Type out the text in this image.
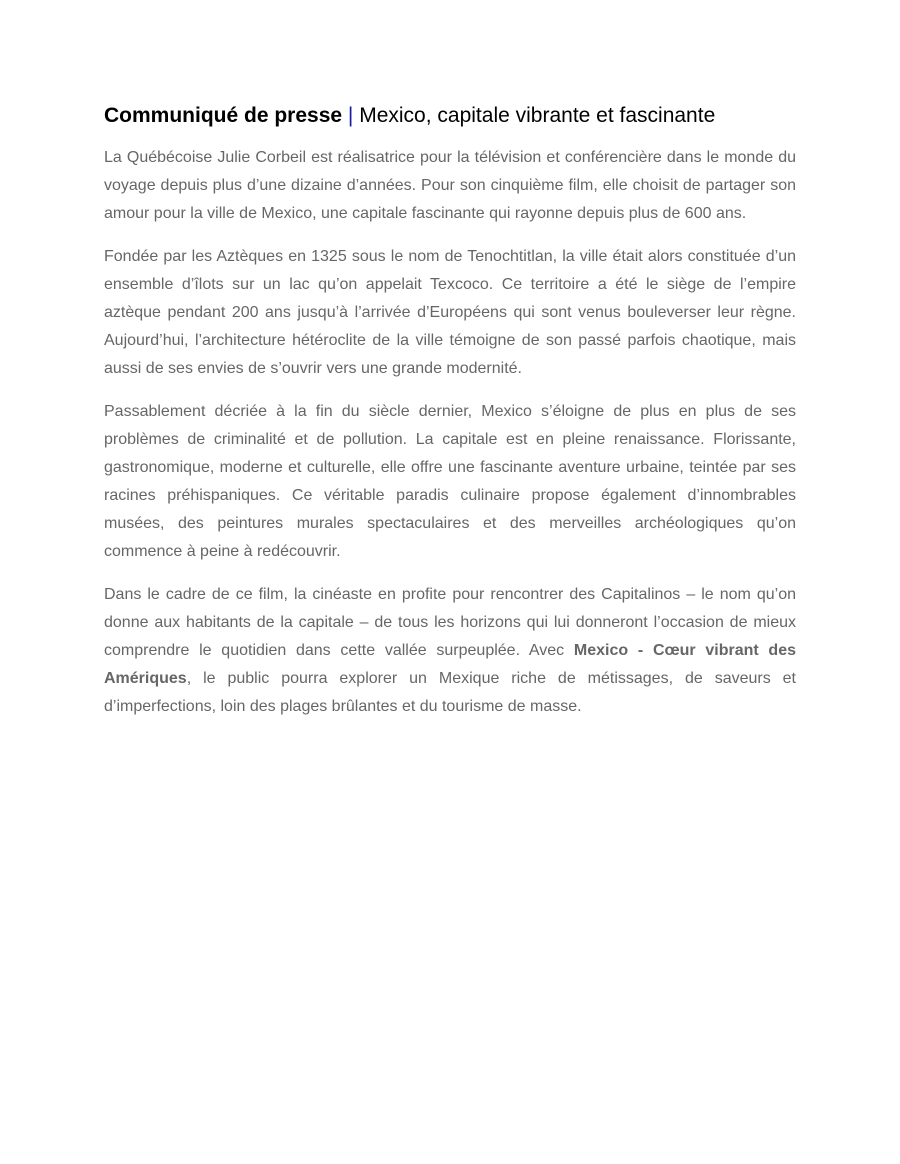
Communiqué de presse | Mexico, capitale vibrante et fascinante

La Québécoise Julie Corbeil est réalisatrice pour la télévision et conférencière dans le monde du voyage depuis plus d’une dizaine d’années. Pour son cinquième film, elle choisit de partager son amour pour la ville de Mexico, une capitale fascinante qui rayonne depuis plus de 600 ans.

Fondée par les Aztèques en 1325 sous le nom de Tenochtitlan, la ville était alors constituée d’un ensemble d’îlots sur un lac qu’on appelait Texcoco. Ce territoire a été le siège de l’empire aztèque pendant 200 ans jusqu’à l’arrivée d’Européens qui sont venus bouleverser leur règne. Aujourd’hui, l’architecture hétéroclite de la ville témoigne de son passé parfois chaotique, mais aussi de ses envies de s’ouvrir vers une grande modernité.

Passablement décriée à la fin du siècle dernier, Mexico s’éloigne de plus en plus de ses problèmes de criminalité et de pollution. La capitale est en pleine renaissance. Florissante, gastronomique, moderne et culturelle, elle offre une fascinante aventure urbaine, teintée par ses racines préhispaniques. Ce véritable paradis culinaire propose également d’innombrables musées, des peintures murales spectaculaires et des merveilles archéologiques qu’on commence à peine à redécouvrir.

Dans le cadre de ce film, la cinéaste en profite pour rencontrer des Capitalinos – le nom qu’on donne aux habitants de la capitale – de tous les horizons qui lui donneront l’occasion de mieux comprendre le quotidien dans cette vallée surpeuplée. Avec Mexico - Cœur vibrant des Amériques, le public pourra explorer un Mexique riche de métissages, de saveurs et d’imperfections, loin des plages brûlantes et du tourisme de masse.
